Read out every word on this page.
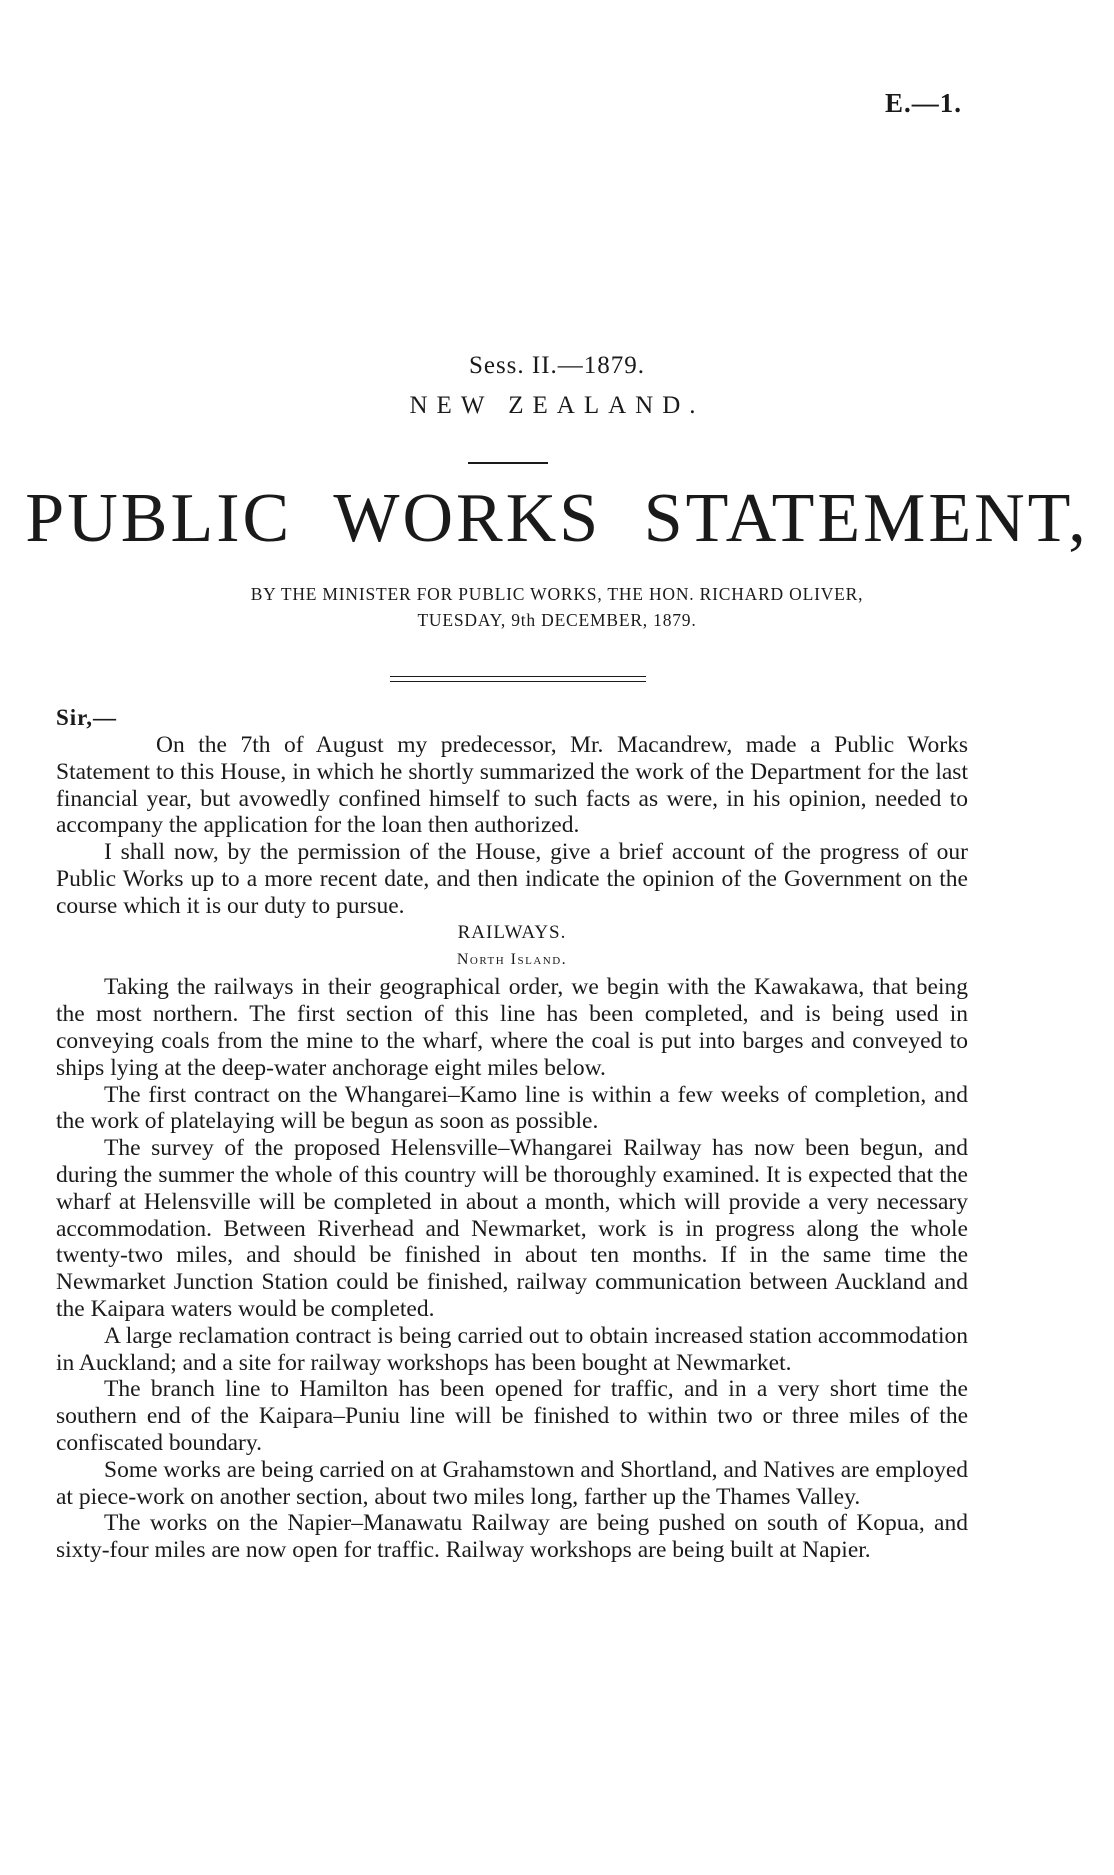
E.—1.
Sess. II.—1879.
NEW ZEALAND.
PUBLIC WORKS STATEMENT,
BY THE MINISTER FOR PUBLIC WORKS, THE HON. RICHARD OLIVER,
TUESDAY, 9th DECEMBER, 1879.
Sir,—

On the 7th of August my predecessor, Mr. Macandrew, made a Public Works Statement to this House, in which he shortly summarized the work of the Department for the last financial year, but avowedly confined himself to such facts as were, in his opinion, needed to accompany the application for the loan then authorized.

I shall now, by the permission of the House, give a brief account of the progress of our Public Works up to a more recent date, and then indicate the opinion of the Government on the course which it is our duty to pursue.

RAILWAYS.

North Island.

Taking the railways in their geographical order, we begin with the Kawakawa, that being the most northern. The first section of this line has been completed, and is being used in conveying coals from the mine to the wharf, where the coal is put into barges and conveyed to ships lying at the deep-water anchorage eight miles below.

The first contract on the Whangarei–Kamo line is within a few weeks of completion, and the work of platelaying will be begun as soon as possible.

The survey of the proposed Helensville–Whangarei Railway has now been begun, and during the summer the whole of this country will be thoroughly examined. It is expected that the wharf at Helensville will be completed in about a month, which will provide a very necessary accommodation. Between Riverhead and Newmarket, work is in progress along the whole twenty-two miles, and should be finished in about ten months. If in the same time the Newmarket Junction Station could be finished, railway communication between Auckland and the Kaipara waters would be completed.

A large reclamation contract is being carried out to obtain increased station accommodation in Auckland; and a site for railway workshops has been bought at Newmarket.

The branch line to Hamilton has been opened for traffic, and in a very short time the southern end of the Kaipara–Puniu line will be finished to within two or three miles of the confiscated boundary.

Some works are being carried on at Grahamstown and Shortland, and Natives are employed at piece-work on another section, about two miles long, farther up the Thames Valley.

The works on the Napier–Manawatu Railway are being pushed on south of Kopua, and sixty-four miles are now open for traffic. Railway workshops are being built at Napier.
